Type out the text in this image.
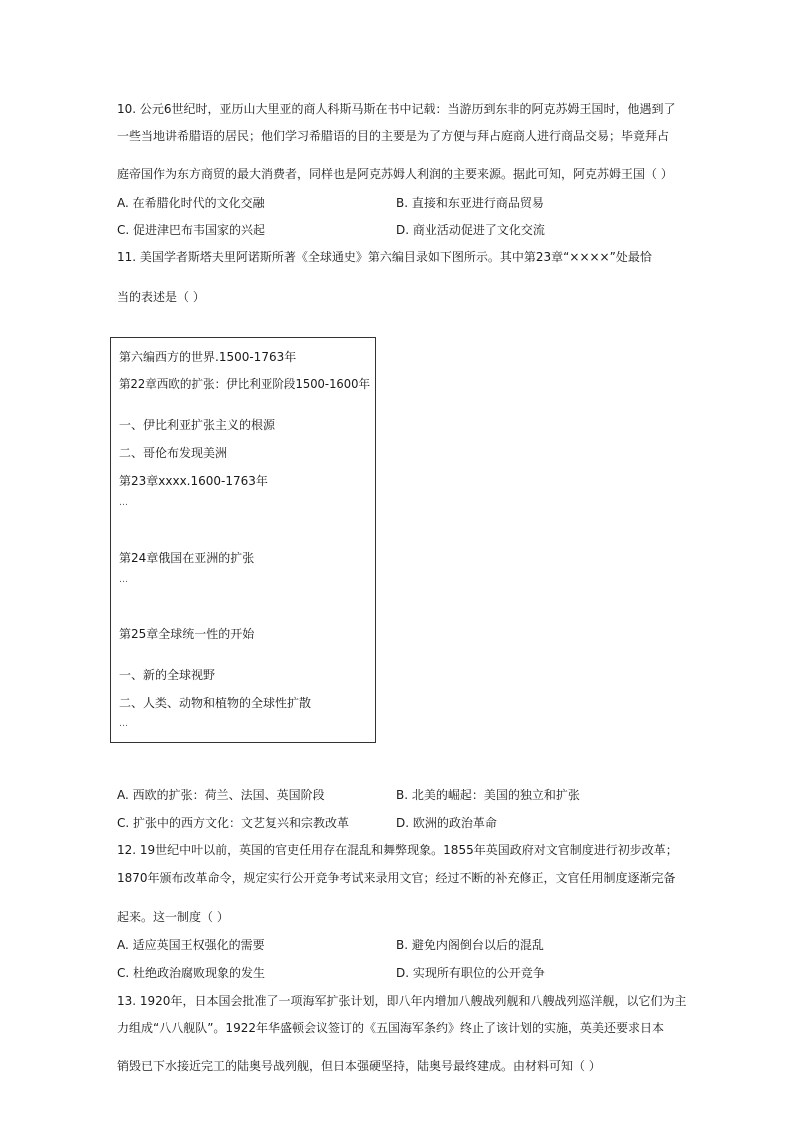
10. 公元6世纪时，亚历山大里亚的商人科斯马斯在书中记载：当游历到东非的阿克苏姆王国时，他遇到了
一些当地讲希腊语的居民；他们学习希腊语的目的主要是为了方便与拜占庭商人进行商品交易；毕竟拜占
庭帝国作为东方商贸的最大消费者，同样也是阿克苏姆人利润的主要来源。据此可知，阿克苏姆王国（ ）
A. 在希腊化时代的文化交融	B. 直接和东亚进行商品贸易
C. 促进津巴布韦国家的兴起	D. 商业活动促进了文化交流
11. 美国学者斯塔夫里阿诺斯所著《全球通史》第六编目录如下图所示。其中第23章“××××”处最恰
当的表述是（ ）
第六编西方的世界.1500-1763年
第22章西欧的扩张：伊比利亚阶段1500-1600年
一、伊比利亚扩张主义的根源
二、哥伦布发现美洲
第23章xxxx.1600-1763年
…
第24章俄国在亚洲的扩张
…
第25章全球统一性的开始
一、新的全球视野
二、人类、动物和植物的全球性扩散
…
A. 西欧的扩张：荷兰、法国、英国阶段	B. 北美的崛起：美国的独立和扩张
C. 扩张中的西方文化：文艺复兴和宗教改革	D. 欧洲的政治革命
12. 19世纪中叶以前，英国的官吏任用存在混乱和舞弊现象。1855年英国政府对文官制度进行初步改革；
1870年颁布改革命令，规定实行公开竞争考试来录用文官；经过不断的补充修正，文官任用制度逐渐完备
起来。这一制度（ ）
A. 适应英国王权强化的需要	B. 避免内阁倒台以后的混乱
C. 杜绝政治腐败现象的发生	D. 实现所有职位的公开竞争
13. 1920年，日本国会批准了一项海军扩张计划，即八年内增加八艘战列舰和八艘战列巡洋舰，以它们为主
力组成“八八舰队”。1922年华盛顿会议签订的《五国海军条约》终止了该计划的实施，英美还要求日本
销毁已下水接近完工的陆奥号战列舰，但日本强硬坚持，陆奥号最终建成。由材料可知（ ）
